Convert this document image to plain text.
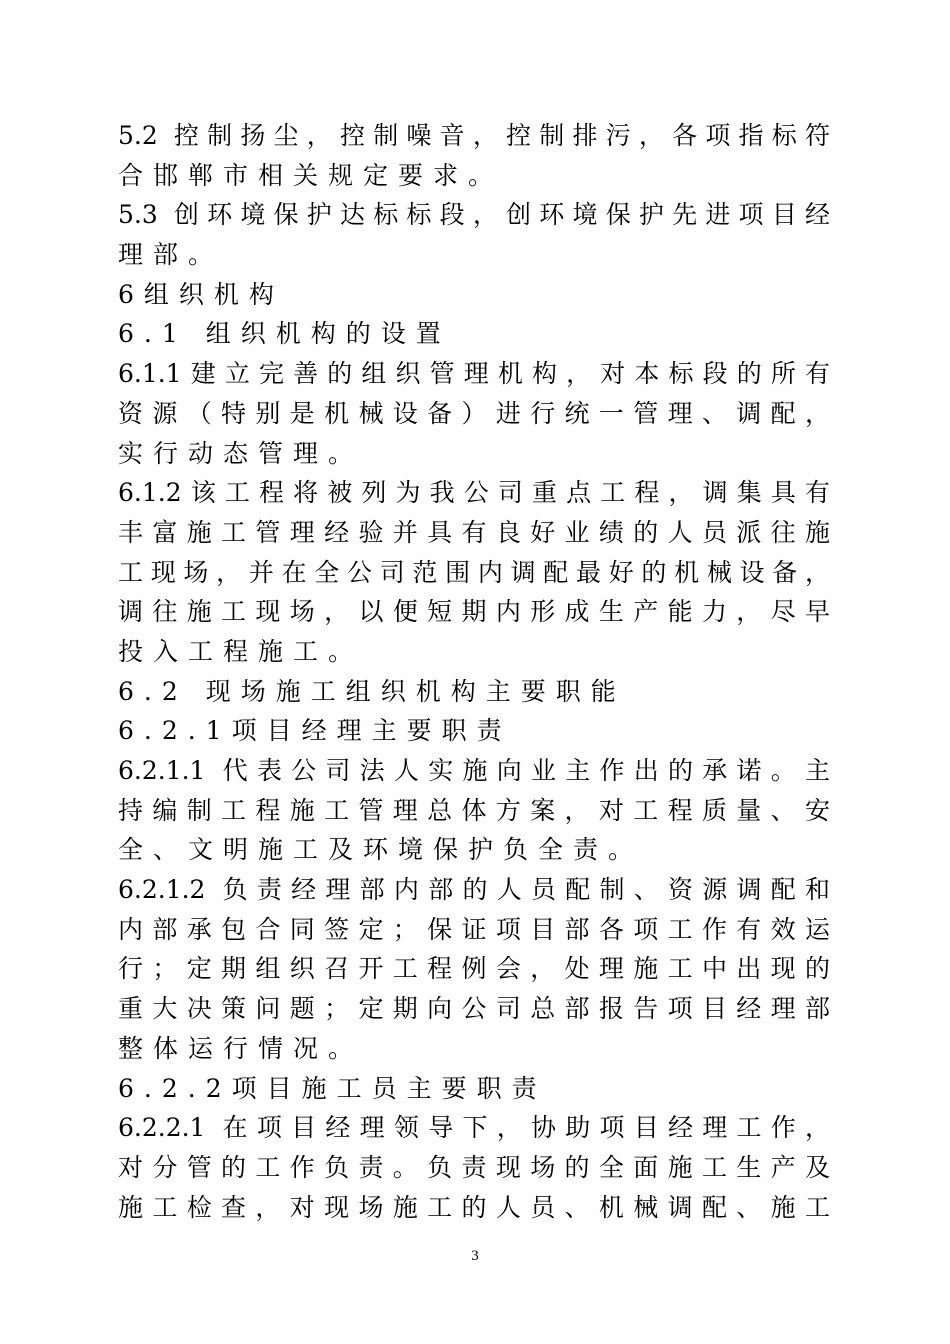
5.2 控制扬尘，控制噪音，控制排污，各项指标符
合邯郸市相关规定要求。
5.3 创环境保护达标标段，创环境保护先进项目经
理部。
6组织机构
6.1 组织机构的设置
6.1.1建立完善的组织管理机构，对本标段的所有
资源（特别是机械设备）进行统一管理、调配，
实行动态管理。
6.1.2该工程将被列为我公司重点工程，调集具有
丰富施工管理经验并具有良好业绩的人员派往施
工现场，并在全公司范围内调配最好的机械设备，
调往施工现场，以便短期内形成生产能力，尽早
投入工程施工。
6.2 现场施工组织机构主要职能
6.2.1项目经理主要职责
6.2.1.1 代表公司法人实施向业主作出的承诺。主
持编制工程施工管理总体方案，对工程质量、安
全、文明施工及环境保护负全责。
6.2.1.2 负责经理部内部的人员配制、资源调配和
内部承包合同签定；保证项目部各项工作有效运
行；定期组织召开工程例会，处理施工中出现的
重大决策问题；定期向公司总部报告项目经理部
整体运行情况。
6.2.2项目施工员主要职责
6.2.2.1 在项目经理领导下，协助项目经理工作，
对分管的工作负责。负责现场的全面施工生产及
施工检查，对现场施工的人员、机械调配、施工
3
